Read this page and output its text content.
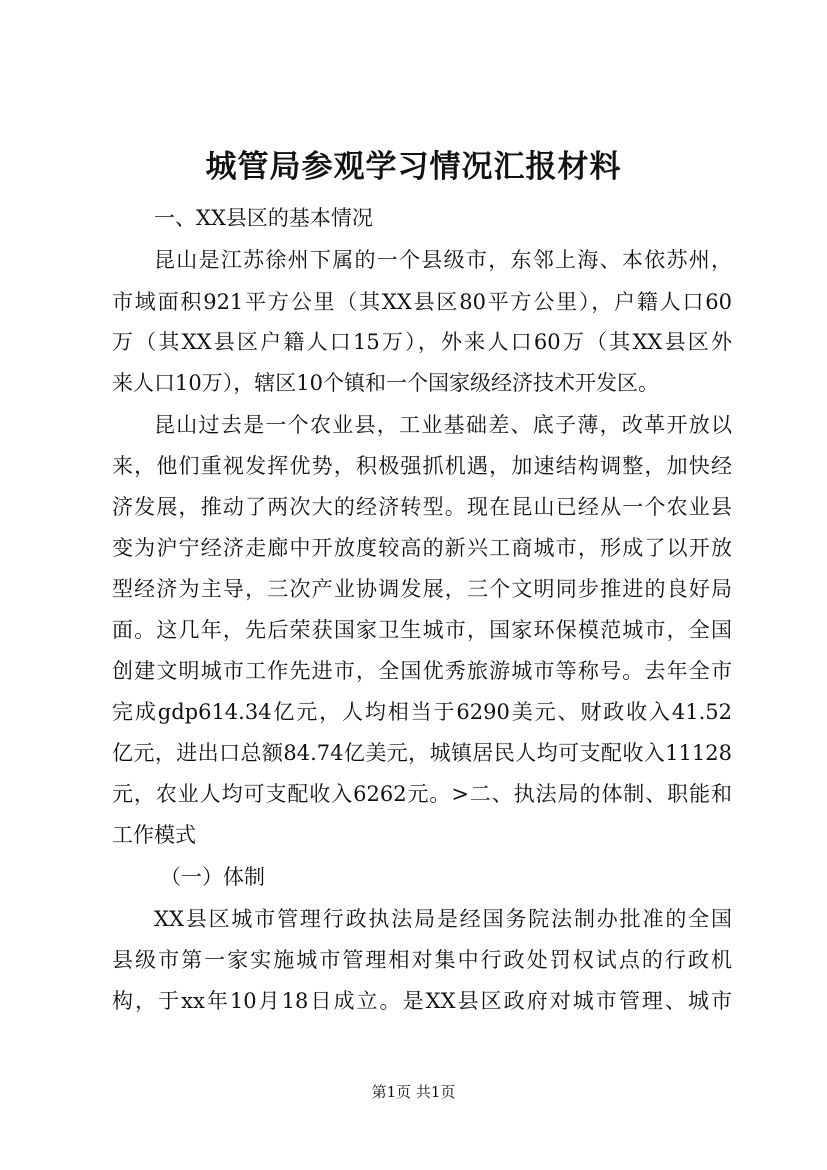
城管局参观学习情况汇报材料
一、XX县区的基本情况
昆山是江苏徐州下属的一个县级市，东邻上海、本依苏州，
市域面积921平方公里（其XX县区80平方公里），户籍人口60
万（其XX县区户籍人口15万），外来人口60万（其XX县区外
来人口10万），辖区10个镇和一个国家级经济技术开发区。
昆山过去是一个农业县，工业基础差、底子薄，改革开放以
来，他们重视发挥优势，积极强抓机遇，加速结构调整，加快经
济发展，推动了两次大的经济转型。现在昆山已经从一个农业县
变为沪宁经济走廊中开放度较高的新兴工商城市，形成了以开放
型经济为主导，三次产业协调发展，三个文明同步推进的良好局
面。这几年，先后荣获国家卫生城市，国家环保模范城市，全国
创建文明城市工作先进市，全国优秀旅游城市等称号。去年全市
完成gdp614.34亿元，人均相当于6290美元、财政收入41.52
亿元，进出口总额84.74亿美元，城镇居民人均可支配收入11128
元，农业人均可支配收入6262元。>二、执法局的体制、职能和
工作模式
（一）体制
XX县区城市管理行政执法局是经国务院法制办批准的全国
县级市第一家实施城市管理相对集中行政处罚权试点的行政机
构，于xx年10月18日成立。是XX县区政府对城市管理、城市
第1页 共1页
